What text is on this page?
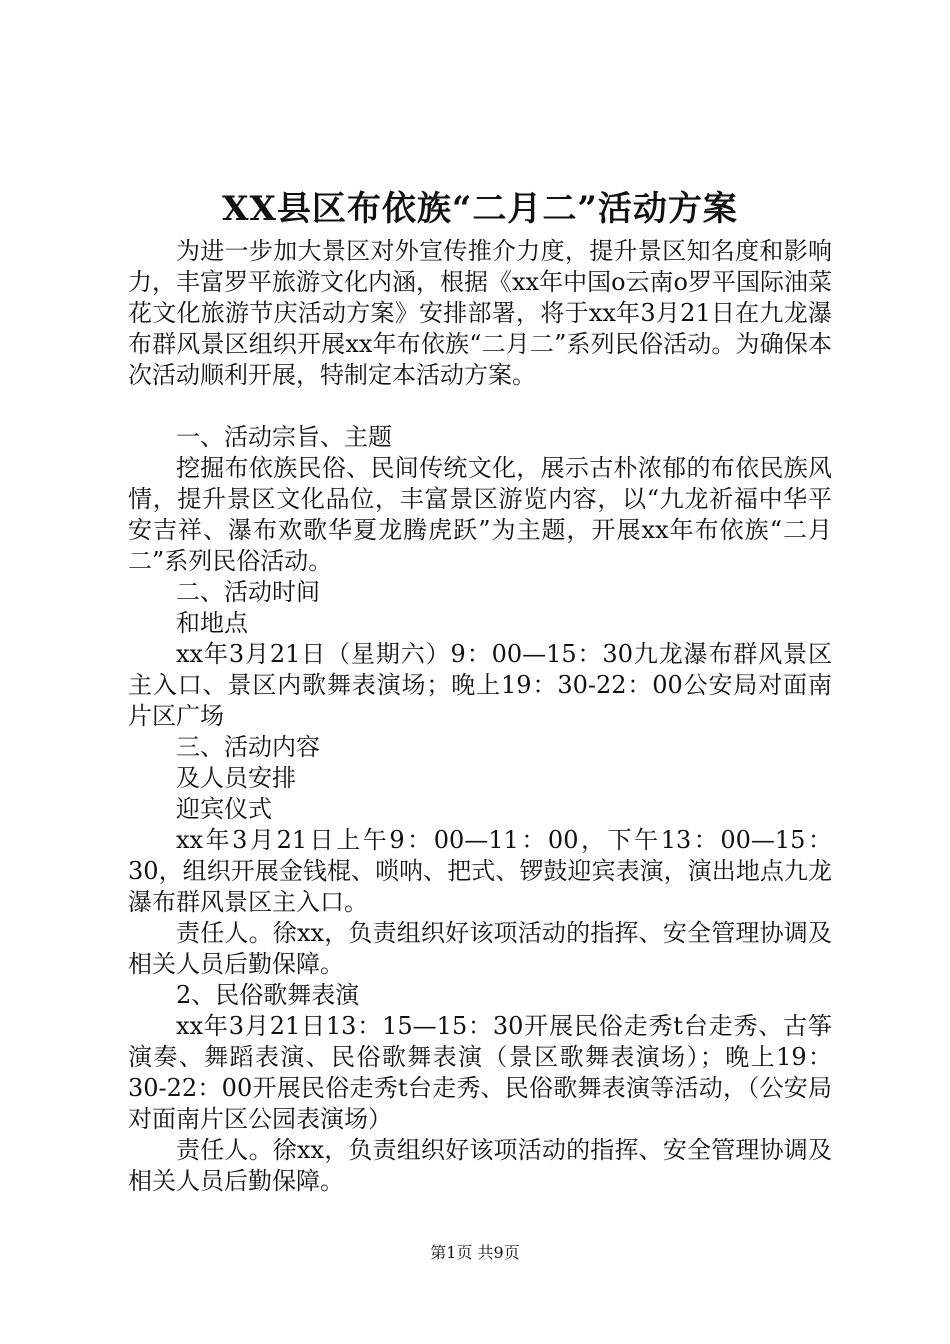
XX县区布依族“二月二”活动方案

为进一步加大景区对外宣传推介力度，提升景区知名度和影响力，丰富罗平旅游文化内涵，根据《xx年中国o云南o罗平国际油菜花文化旅游节庆活动方案》安排部署，将于xx年3月21日在九龙瀑布群风景区组织开展xx年布依族“二月二”系列民俗活动。为确保本次活动顺利开展，特制定本活动方案。

一、活动宗旨、主题

挖掘布依族民俗、民间传统文化，展示古朴浓郁的布依民族风情，提升景区文化品位，丰富景区游览内容，以“九龙祈福中华平安吉祥、瀑布欢歌华夏龙腾虎跃”为主题，开展xx年布依族“二月二”系列民俗活动。

二、活动时间

和地点

xx年3月21日（星期六）9：00—15：30九龙瀑布群风景区主入口、景区内歌舞表演场；晚上19：30-22：00公安局对面南片区广场

三、活动内容

及人员安排

迎宾仪式

xx年3月21日上午9：00—11：00，下午13：00—15：30，组织开展金钱棍、唢呐、把式、锣鼓迎宾表演，演出地点九龙瀑布群风景区主入口。

责任人。徐xx，负责组织好该项活动的指挥、安全管理协调及相关人员后勤保障。

2、民俗歌舞表演

xx年3月21日13：15—15：30开展民俗走秀t台走秀、古筝演奏、舞蹈表演、民俗歌舞表演（景区歌舞表演场）；晚上19：30-22：00开展民俗走秀t台走秀、民俗歌舞表演等活动，（公安局对面南片区公园表演场）

责任人。徐xx，负责组织好该项活动的指挥、安全管理协调及相关人员后勤保障。

第1页 共9页
